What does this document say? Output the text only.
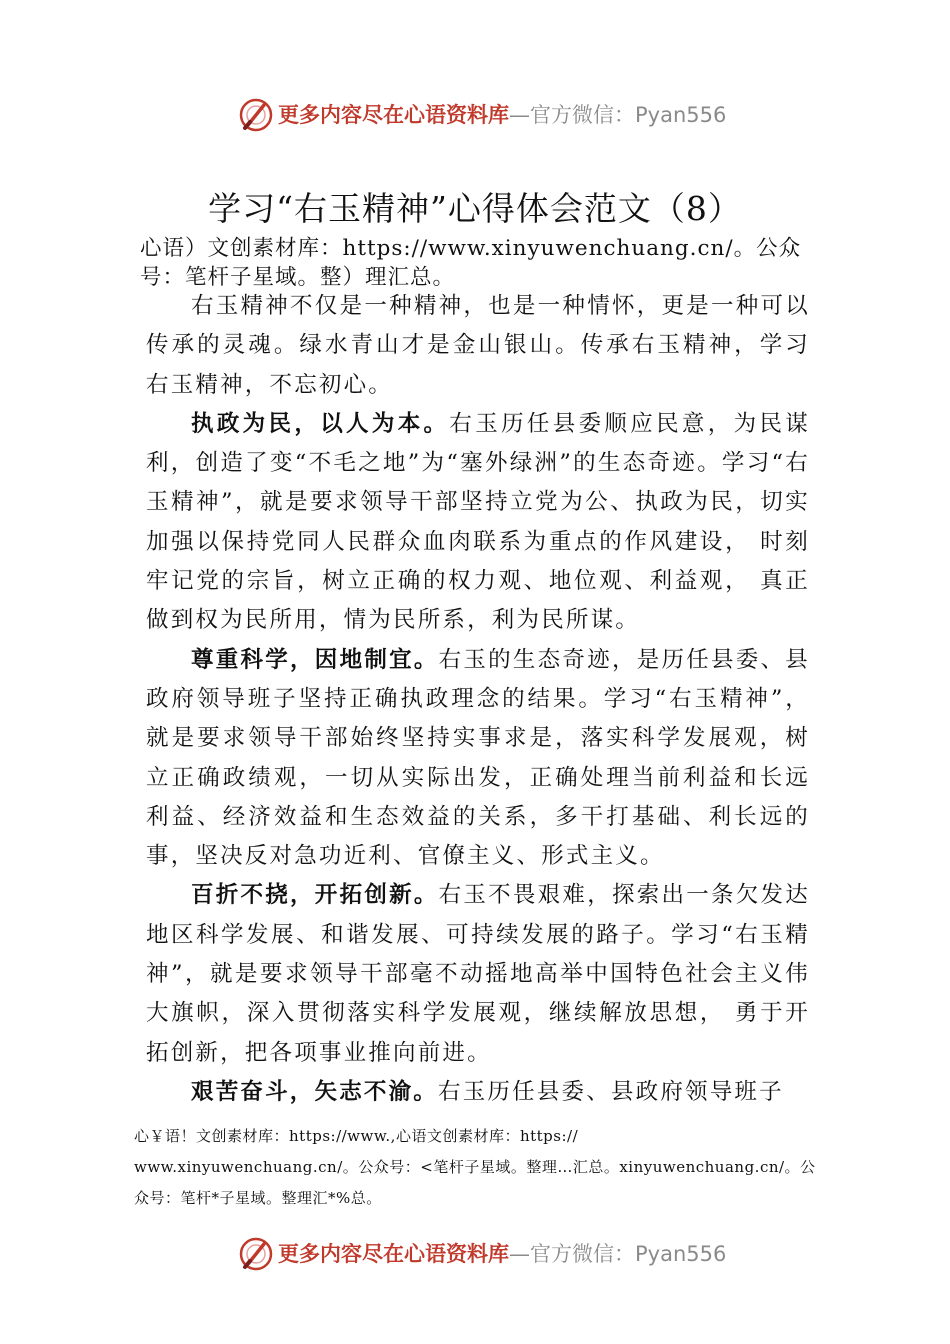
更多内容尽在心语资料库—官方微信：Pyan556
学习“右玉精神”心得体会范文（8）
心语）文创素材库：https://www.xinyuwenchuang.cn/。公众号：笔杆子星域。整）理汇总。

右玉精神不仅是一种精神，也是一种情怀，更是一种可以传承的灵魂。绿水青山才是金山银山。传承右玉精神，学习右玉精神，不忘初心。

执政为民，以人为本。右玉历任县委顺应民意，为民谋利，创造了变“不毛之地”为“塞外绿洲”的生态奇迹。学习“右玉精神”，就是要求领导干部坚持立党为公、执政为民，切实加强以保持党同人民群众血肉联系为重点的作风建设， 时刻牢记党的宗旨，树立正确的权力观、地位观、利益观， 真正做到权为民所用，情为民所系，利为民所谋。

尊重科学，因地制宜。右玉的生态奇迹，是历任县委、县政府领导班子坚持正确执政理念的结果。学习“右玉精神”，就是要求领导干部始终坚持实事求是，落实科学发展观，树立正确政绩观，一切从实际出发，正确处理当前利益和长远利益、经济效益和生态效益的关系，多干打基础、利长远的事，坚决反对急功近利、官僚主义、形式主义。

百折不挠，开拓创新。右玉不畏艰难，探索出一条欠发达地区科学发展、和谐发展、可持续发展的路子。学习“右玉精神”，就是要求领导干部毫不动摇地高举中国特色社会主义伟大旗帜，深入贯彻落实科学发展观，继续解放思想， 勇于开拓创新，把各项事业推向前进。

艰苦奋斗，矢志不渝。右玉历任县委、县政府领导班子

心￥语！文创素材库：https://www.,心语文创素材库：https://
www.xinyuwenchuang.cn/。公众号：<笔杆子星域。整理…汇总。xinyuwenchuang.cn/。公
众号：笔杆*子星域。整理汇*%总。
更多内容尽在心语资料库—官方微信：Pyan556
